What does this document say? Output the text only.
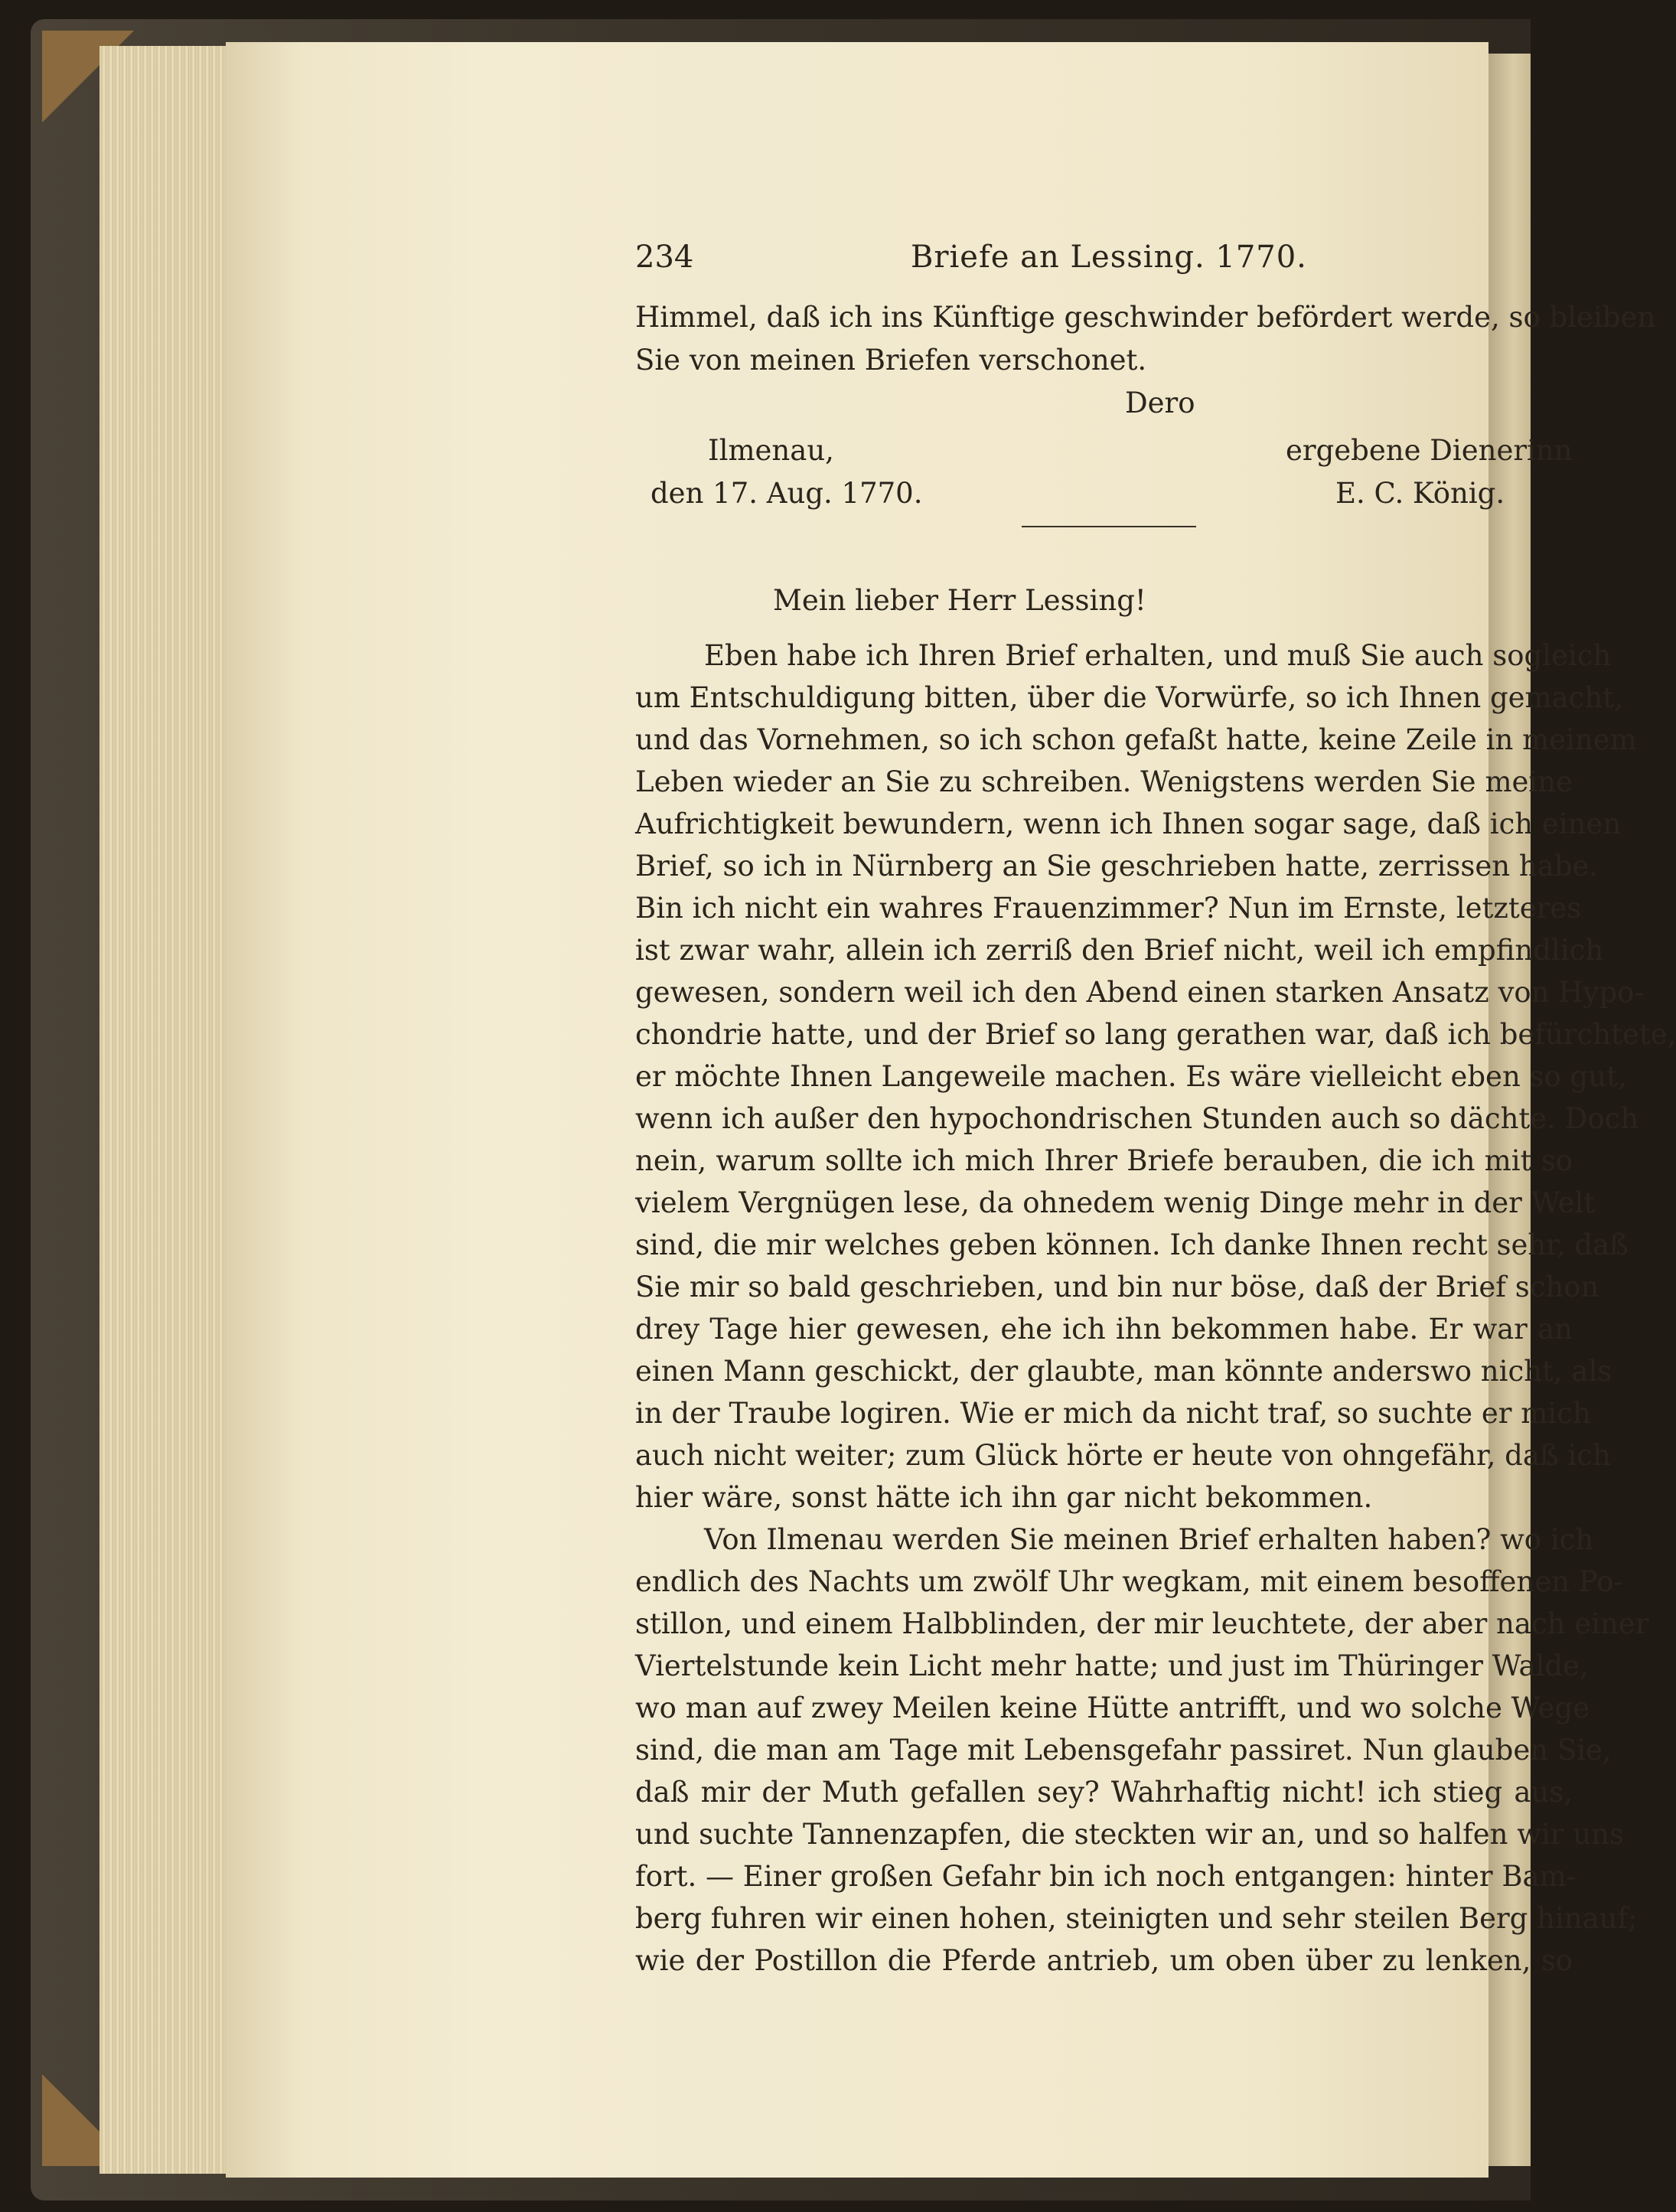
234	Briefe an Lessing. 1770.
Himmel, daß ich ins Künftige geschwinder befördert werde, so bleiben
Sie von meinen Briefen verschonet.
Dero
Ilmenau,	ergebene Dienerinn
den 17. Aug. 1770.	E. C. König.
Mein lieber Herr Lessing!
Eben habe ich Ihren Brief erhalten, und muß Sie auch sogleich
um Entschuldigung bitten, über die Vorwürfe, so ich Ihnen gemacht,
und das Vornehmen, so ich schon gefaßt hatte, keine Zeile in meinem
Leben wieder an Sie zu schreiben. Wenigstens werden Sie meine
Aufrichtigkeit bewundern, wenn ich Ihnen sogar sage, daß ich einen
Brief, so ich in Nürnberg an Sie geschrieben hatte, zerrissen habe.
Bin ich nicht ein wahres Frauenzimmer? Nun im Ernste, letzteres
ist zwar wahr, allein ich zerriß den Brief nicht, weil ich empfindlich
gewesen, sondern weil ich den Abend einen starken Ansatz von Hypo-
chondrie hatte, und der Brief so lang gerathen war, daß ich befürchtete,
er möchte Ihnen Langeweile machen. Es wäre vielleicht eben so gut,
wenn ich außer den hypochondrischen Stunden auch so dächte. Doch
nein, warum sollte ich mich Ihrer Briefe berauben, die ich mit so
vielem Vergnügen lese, da ohnedem wenig Dinge mehr in der Welt
sind, die mir welches geben können. Ich danke Ihnen recht sehr, daß
Sie mir so bald geschrieben, und bin nur böse, daß der Brief schon
drey Tage hier gewesen, ehe ich ihn bekommen habe. Er war an
einen Mann geschickt, der glaubte, man könnte anderswo nicht, als
in der Traube logiren. Wie er mich da nicht traf, so suchte er mich
auch nicht weiter; zum Glück hörte er heute von ohngefähr, daß ich
hier wäre, sonst hätte ich ihn gar nicht bekommen.
Von Ilmenau werden Sie meinen Brief erhalten haben? wo ich
endlich des Nachts um zwölf Uhr wegkam, mit einem besoffenen Po-
stillon, und einem Halbblinden, der mir leuchtete, der aber nach einer
Viertelstunde kein Licht mehr hatte; und just im Thüringer Walde,
wo man auf zwey Meilen keine Hütte antrifft, und wo solche Wege
sind, die man am Tage mit Lebensgefahr passiret. Nun glauben Sie,
daß mir der Muth gefallen sey? Wahrhaftig nicht! ich stieg aus,
und suchte Tannenzapfen, die steckten wir an, und so halfen wir uns
fort. — Einer großen Gefahr bin ich noch entgangen: hinter Bam-
berg fuhren wir einen hohen, steinigten und sehr steilen Berg hinauf;
wie der Postillon die Pferde antrieb, um oben über zu lenken, so
